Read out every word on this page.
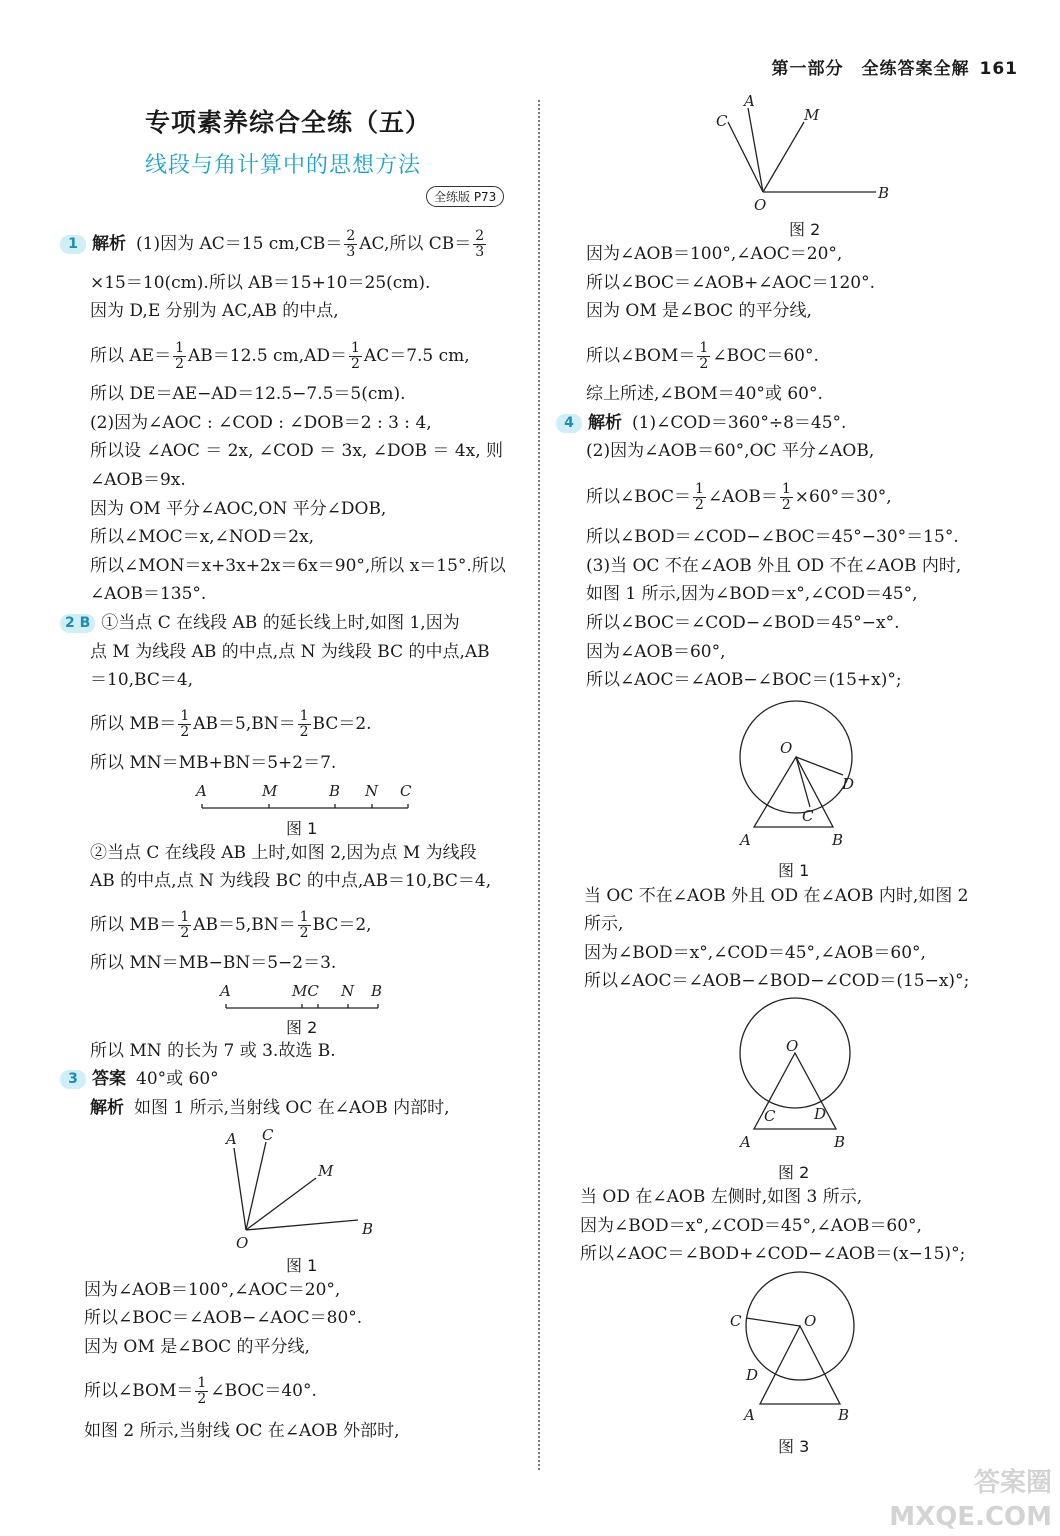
第一部分　全练答案全解 161
专项素养综合全练（五）
线段与角计算中的思想方法
全练版 P73
1 解析 (1)因为 AC＝15 $cm,CB= \frac{2}{3}$ AC,所以 $CB= \frac{2}{3}$
×15＝10(cm).所以 AB＝15+10＝25(cm).
因为 D,E 分别为 AC,AB 的中点,
所以 $AE= \frac{1}{2} AB=12.5$ $cm,AD= \frac{1}{2} AC=7.5$ cm,
所以 DE＝AE−AD＝12.5−7.5＝5(cm).
(2)因为∠AOC : ∠COD : ∠DOB＝2 : 3 : 4,
所以设 ∠AOC ＝ 2x, ∠COD ＝ 3x, ∠DOB ＝ 4x, 则
∠AOB＝9x.
因为 OM 平分∠AOC,ON 平分∠DOB,
所以∠MOC＝x,∠NOD＝2x,
所以∠MON＝x+3x+2x＝6x＝90°,所以 x＝15°.所以
∠AOB＝135°.
2 B ①当点 C 在线段 AB 的延长线上时,如图 1,因为
点 M 为线段 AB 的中点,点 N 为线段 BC 的中点,AB
＝10,BC＝4,
所以 $MB= \frac{1}{2} AB=5,BN= \frac{1}{2} BC=2$.
所以 MN＝MB+BN＝5+2＝7.
A	M	B N C
图 1
②当点 C 在线段 AB 上时,如图 2,因为点 M 为线段
AB 的中点,点 N 为线段 BC 的中点,AB＝10,BC＝4,
所以 $MB= \frac{1}{2} AB=5,BN= \frac{1}{2} BC=2$,
所以 MN＝MB−BN＝5−2＝3.
A	MC N B
图 2
所以 MN 的长为 7 或 3.故选 B.
3 答案 40°或 60°
解析 如图 1 所示,当射线 OC 在∠AOB 内部时,
A C
M
O
B
图 1
因为∠AOB＝100°,∠AOC＝20°,
所以∠BOC＝∠AOB−∠AOC＝80°.
因为 OM 是∠BOC 的平分线,
所以∠BOM＝ $\frac{1}{2}$ ∠BOC＝40°.
如图 2 所示,当射线 OC 在∠AOB 外部时,
C
A
M
O
B
图 2
因为∠AOB＝100°,∠AOC＝20°,
所以∠BOC＝∠AOB+∠AOC＝120°.
因为 OM 是∠BOC 的平分线,
所以∠BOM＝ $\frac{1}{2}$ ∠BOC＝60°.
综上所述,∠BOM＝40°或 60°.
4 解析 (1)∠COD＝360°÷8＝45°.
(2)因为∠AOB＝60°,OC 平分∠AOB,
所以∠BOC＝ $\frac{1}{2}$ ∠AOB＝ $\frac{1}{2} \times 60^\circ=30^\circ$,
所以∠BOD＝∠COD−∠BOC＝45°−30°＝15°.
(3)当 OC 不在∠AOB 外且 OD 不在∠AOB 内时,
如图 1 所示,因为∠BOD＝x°,∠COD＝45°,
所以∠BOC＝∠COD−∠BOD＝45°−x°.
因为∠AOB＝60°,
所以∠AOC＝∠AOB−∠BOC＝(15+x)°;
O
D
C
A	B
图 1
当 OC 不在∠AOB 外且 OD 在∠AOB 内时,如图 2
所示,
因为∠BOD＝x°,∠COD＝45°,∠AOB＝60°,
所以∠AOC＝∠AOB−∠BOD−∠COD＝(15−x)°;
O
C	D
A	B
图 2
当 OD 在∠AOB 左侧时,如图 3 所示,
因为∠BOD＝x°,∠COD＝45°,∠AOB＝60°,
所以∠AOC＝∠BOD+∠COD−∠AOB＝(x−15)°;
C	O
D
A	B
图 3
答案圈
MXQE.COM
